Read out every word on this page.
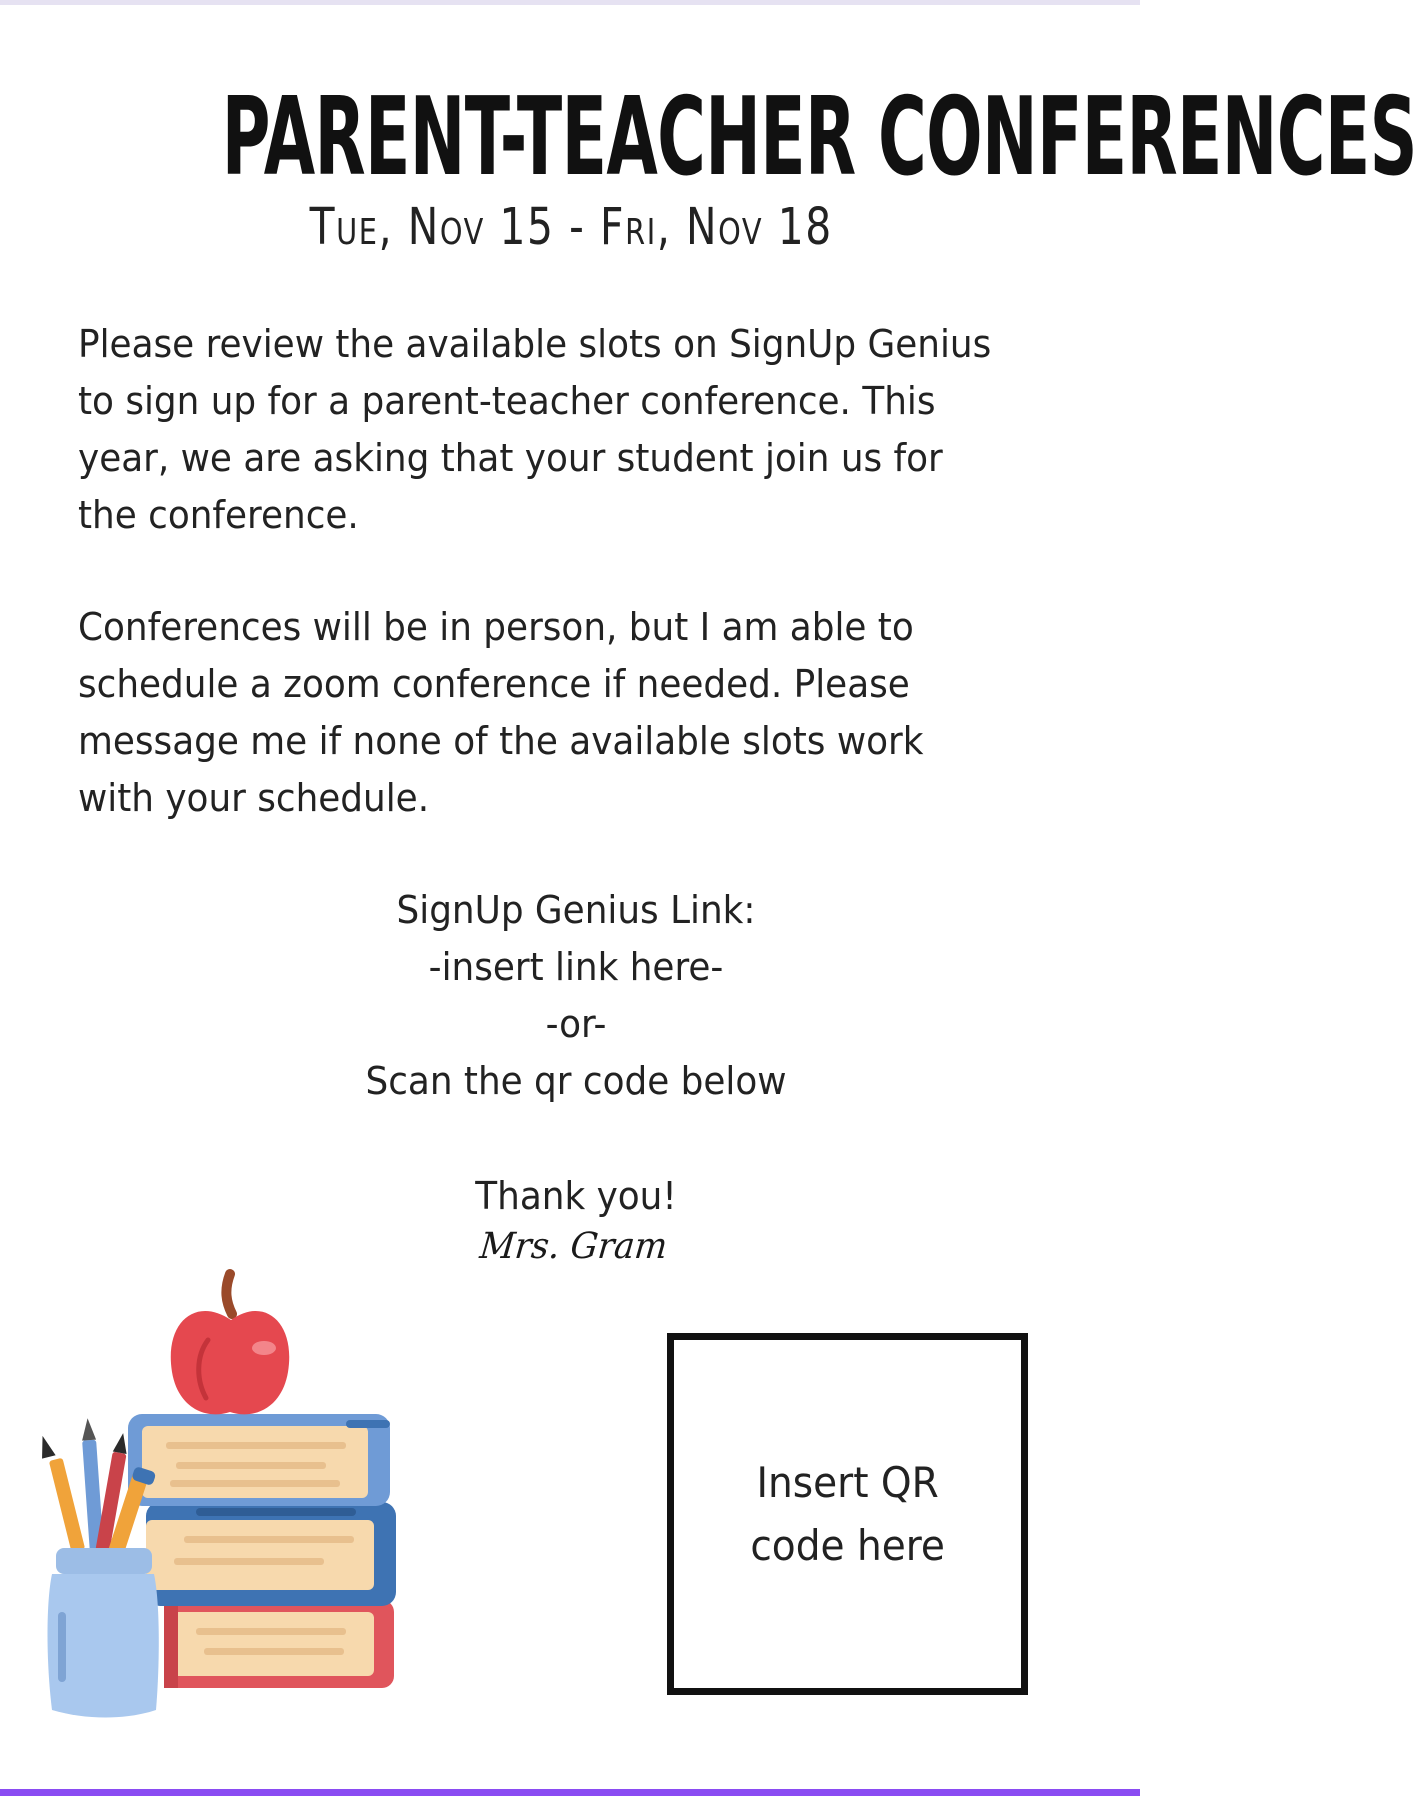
PARENT-TEACHER CONFERENCES
Tue, Nov 15 - Fri, Nov 18

Please review the available slots on SignUp Genius
to sign up for a parent-teacher conference. This
year, we are asking that your student join us for
the conference.

Conferences will be in person, but I am able to
schedule a zoom conference if needed. Please
message me if none of the available slots work
with your schedule.

SignUp Genius Link:
-insert link here-
-or-
Scan the qr code below
Thank you!
Mrs. Gram
Insert QR
code here
